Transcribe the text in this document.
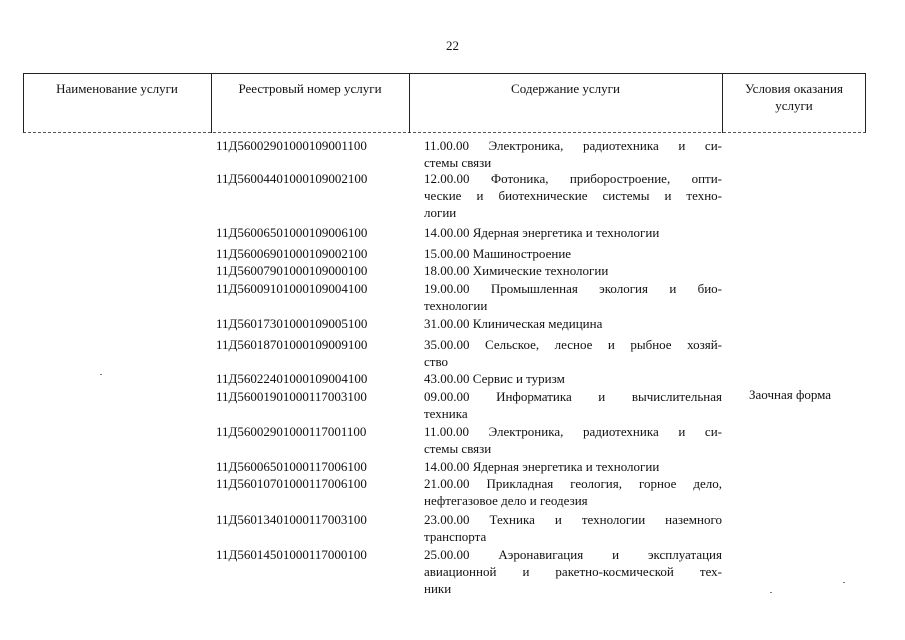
22
Наименование услуги	Реестровый номер услуги	Содержание услуги	Условия оказания
услуги
11Д56002901000109001100	11.00.00 Электроника, радиотехника и си-
стемы связи
11Д56004401000109002100	12.00.00 Фотоника, приборостроение, опти-
ческие и биотехнические системы и техно-
логии
11Д56006501000109006100	14.00.00 Ядерная энергетика и технологии
11Д56006901000109002100	15.00.00 Машиностроение
11Д56007901000109000100	18.00.00 Химические технологии
11Д56009101000109004100	19.00.00 Промышленная экология и био-
технологии
11Д56017301000109005100	31.00.00 Клиническая медицина
11Д56018701000109009100	35.00.00 Сельское, лесное и рыбное хозяй-
ство
11Д56022401000109004100	43.00.00 Сервис и туризм
11Д56001901000117003100	09.00.00 Информатика и вычислительная
техника
11Д56002901000117001100	11.00.00 Электроника, радиотехника и си-
стемы связи
11Д56006501000117006100	14.00.00 Ядерная энергетика и технологии
11Д56010701000117006100	21.00.00 Прикладная геология, горное дело,
нефтегазовое дело и геодезия
11Д56013401000117003100	23.00.00 Техника и технологии наземного
транспорта
11Д56014501000117000100	25.00.00 Аэронавигация и эксплуатация
авиационной и ракетно-космической тех-
ники
Заочная форма
